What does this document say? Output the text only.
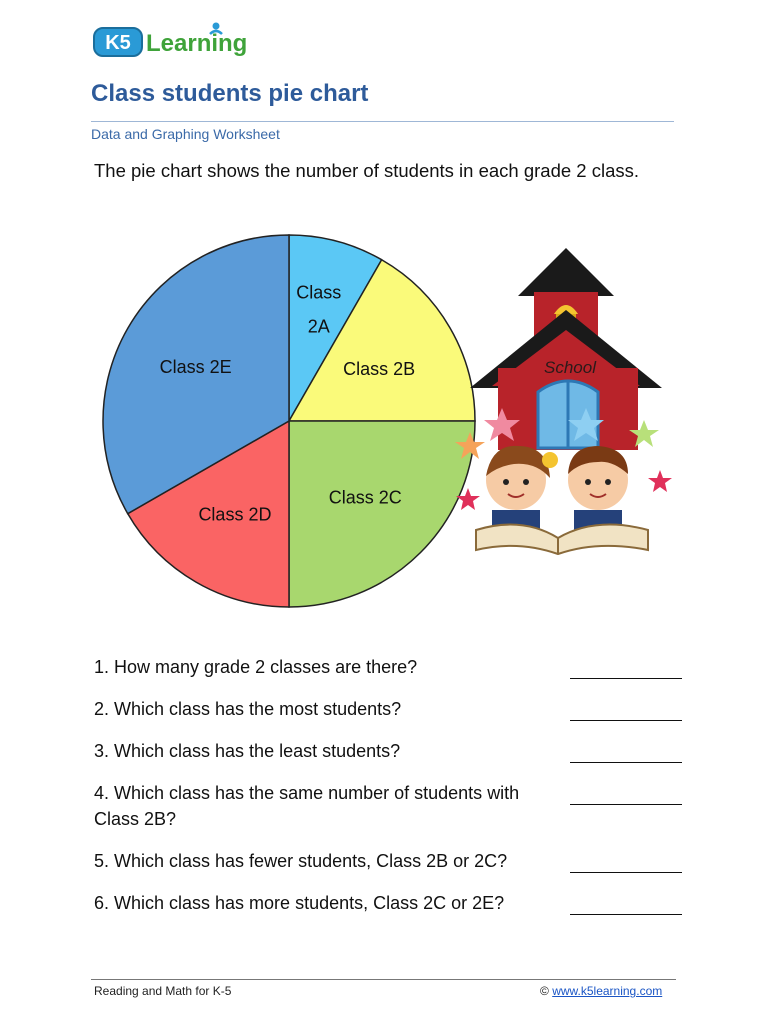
K5 Learning
Class students pie chart
Data and Graphing Worksheet
The pie chart shows the number of students in each grade 2 class.
Class
2A
Class 2B
Class 2C
Class 2D
Class 2E	School
1. How many grade 2 classes are there?
2. Which class has the most students?
3. Which class has the least students?
4. Which class has the same number of students with Class 2B?
5. Which class has fewer students, Class 2B or 2C?
6. Which class has more students, Class 2C or 2E?
Reading and Math for K-5	© www.k5learning.com
